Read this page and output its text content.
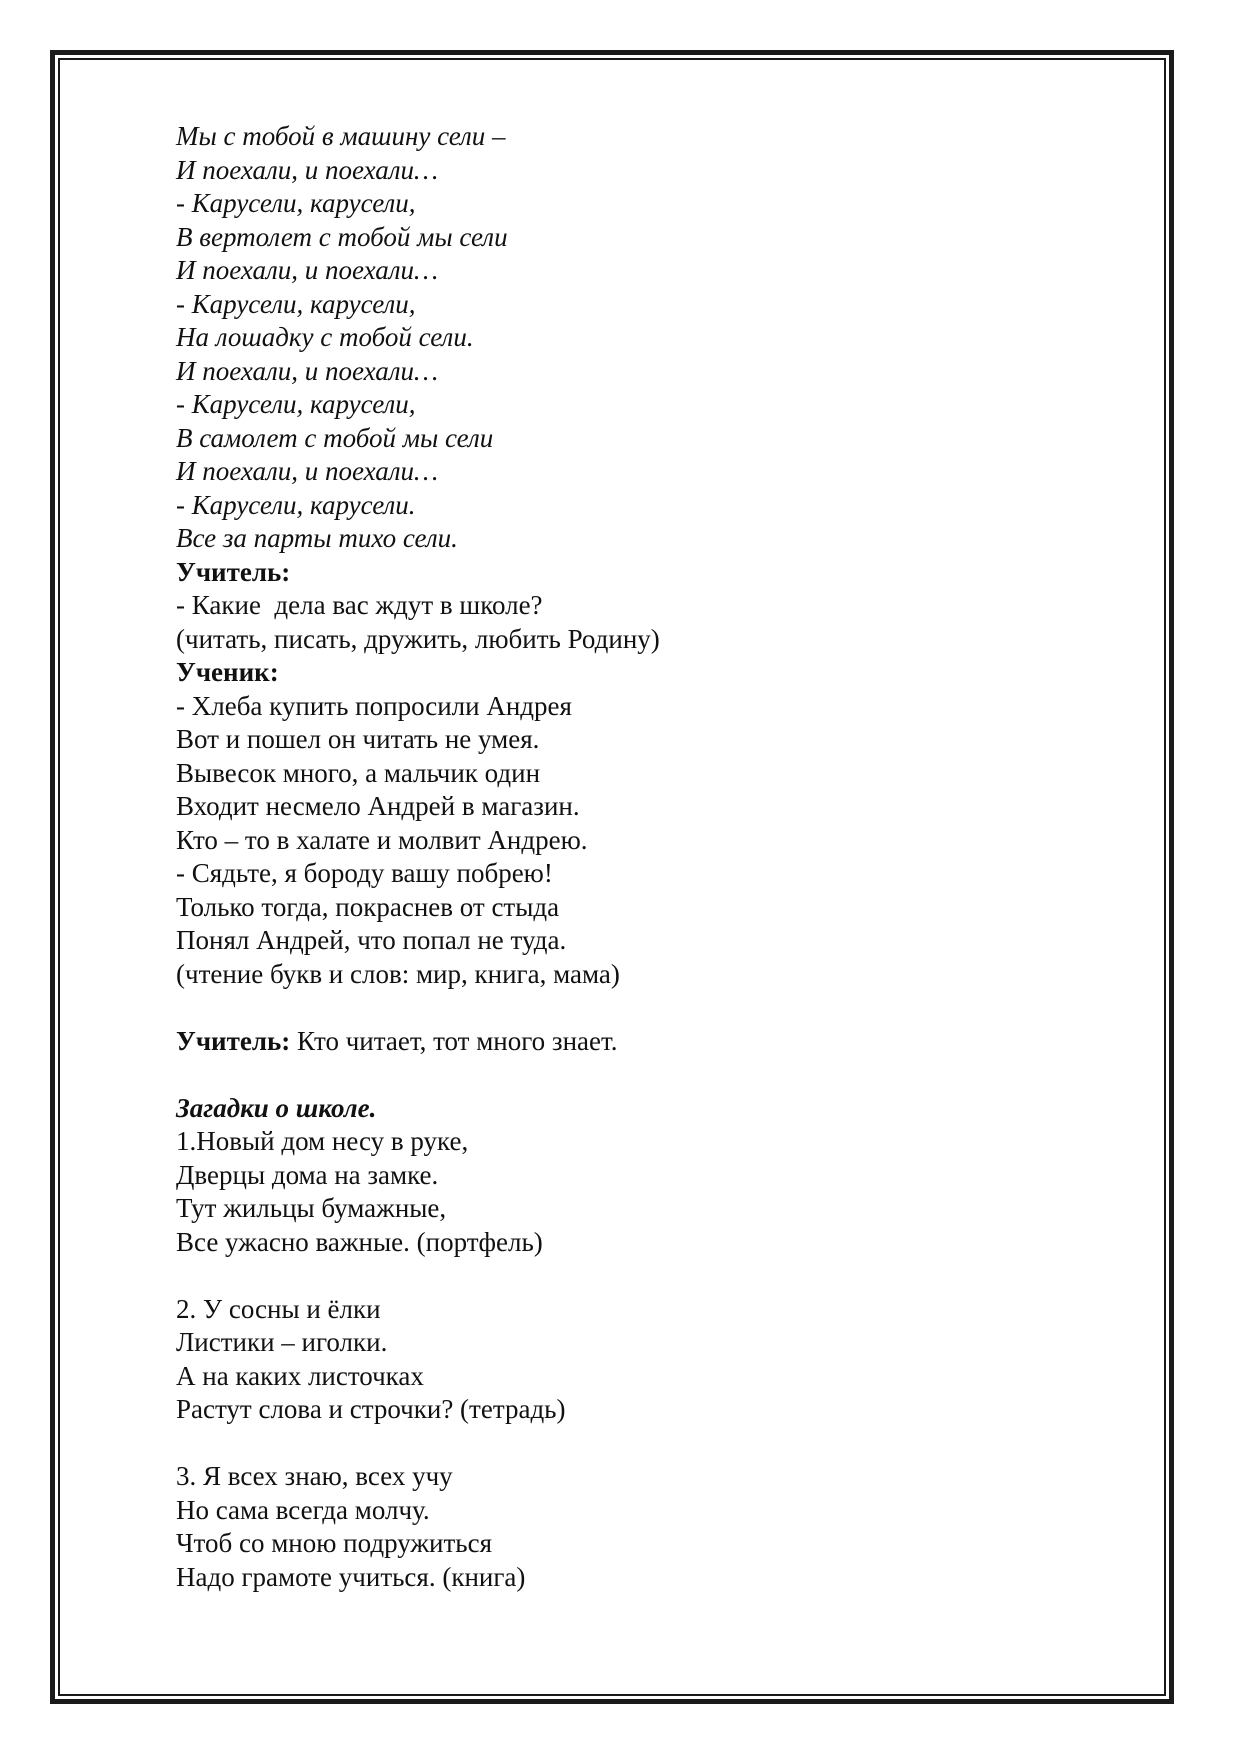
Мы с тобой в машину сели –
И поехали, и поехали…
- Карусели, карусели,
В вертолет с тобой мы сели
И поехали, и поехали…
- Карусели, карусели,
На лошадку с тобой сели.
И поехали, и поехали…
- Карусели, карусели,
В самолет с тобой мы сели
И поехали, и поехали…
- Карусели, карусели.
Все за парты тихо сели.
Учитель:
- Какие  дела вас ждут в школе?
(читать, писать, дружить, любить Родину)
Ученик:
- Хлеба купить попросили Андрея
Вот и пошел он читать не умея.
Вывесок много, а мальчик один
Входит несмело Андрей в магазин.
Кто – то в халате и молвит Андрею.
- Сядьте, я бороду вашу побрею!
Только тогда, покраснев от стыда
Понял Андрей, что попал не туда.
(чтение букв и слов: мир, книга, мама)
Учитель: Кто читает, тот много знает.
Загадки о школе.
1.Новый дом несу в руке,
Дверцы дома на замке.
Тут жильцы бумажные,
Все ужасно важные. (портфель)
2. У сосны и ёлки
Листики – иголки.
А на каких листочках
Растут слова и строчки? (тетрадь)
3. Я всех знаю, всех учу
Но сама всегда молчу.
Чтоб со мною подружиться
Надо грамоте учиться. (книга)
